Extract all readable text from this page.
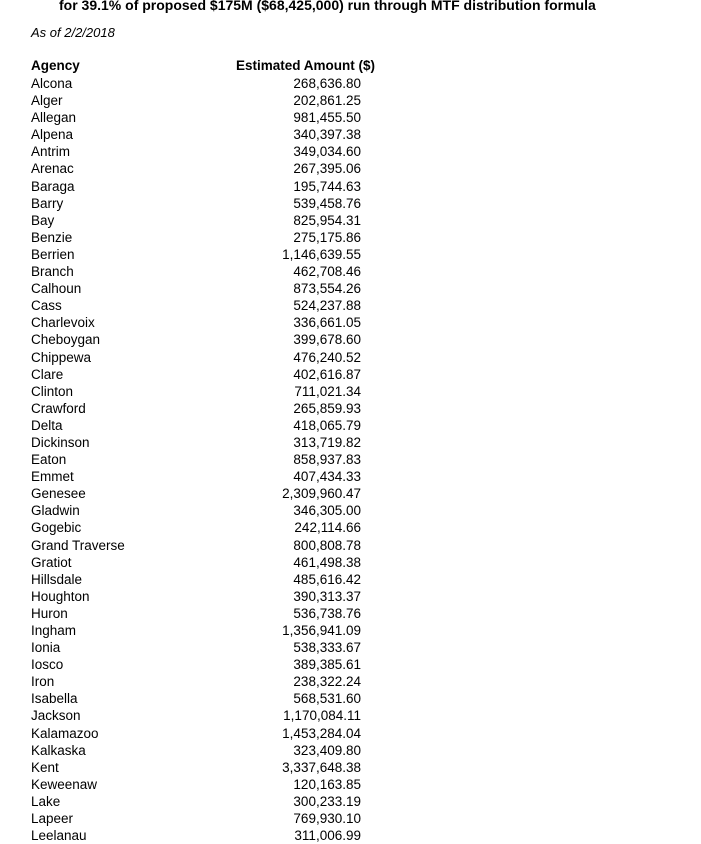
for 39.1% of proposed $175M ($68,425,000) run through MTF distribution formula
As of 2/2/2018
Agency	Estimated Amount ($)
Alcona	268,636.80
Alger	202,861.25
Allegan	981,455.50
Alpena	340,397.38
Antrim	349,034.60
Arenac	267,395.06
Baraga	195,744.63
Barry	539,458.76
Bay	825,954.31
Benzie	275,175.86
Berrien	1,146,639.55
Branch	462,708.46
Calhoun	873,554.26
Cass	524,237.88
Charlevoix	336,661.05
Cheboygan	399,678.60
Chippewa	476,240.52
Clare	402,616.87
Clinton	711,021.34
Crawford	265,859.93
Delta	418,065.79
Dickinson	313,719.82
Eaton	858,937.83
Emmet	407,434.33
Genesee	2,309,960.47
Gladwin	346,305.00
Gogebic	242,114.66
Grand Traverse	800,808.78
Gratiot	461,498.38
Hillsdale	485,616.42
Houghton	390,313.37
Huron	536,738.76
Ingham	1,356,941.09
Ionia	538,333.67
Iosco	389,385.61
Iron	238,322.24
Isabella	568,531.60
Jackson	1,170,084.11
Kalamazoo	1,453,284.04
Kalkaska	323,409.80
Kent	3,337,648.38
Keweenaw	120,163.85
Lake	300,233.19
Lapeer	769,930.10
Leelanau	311,006.99
